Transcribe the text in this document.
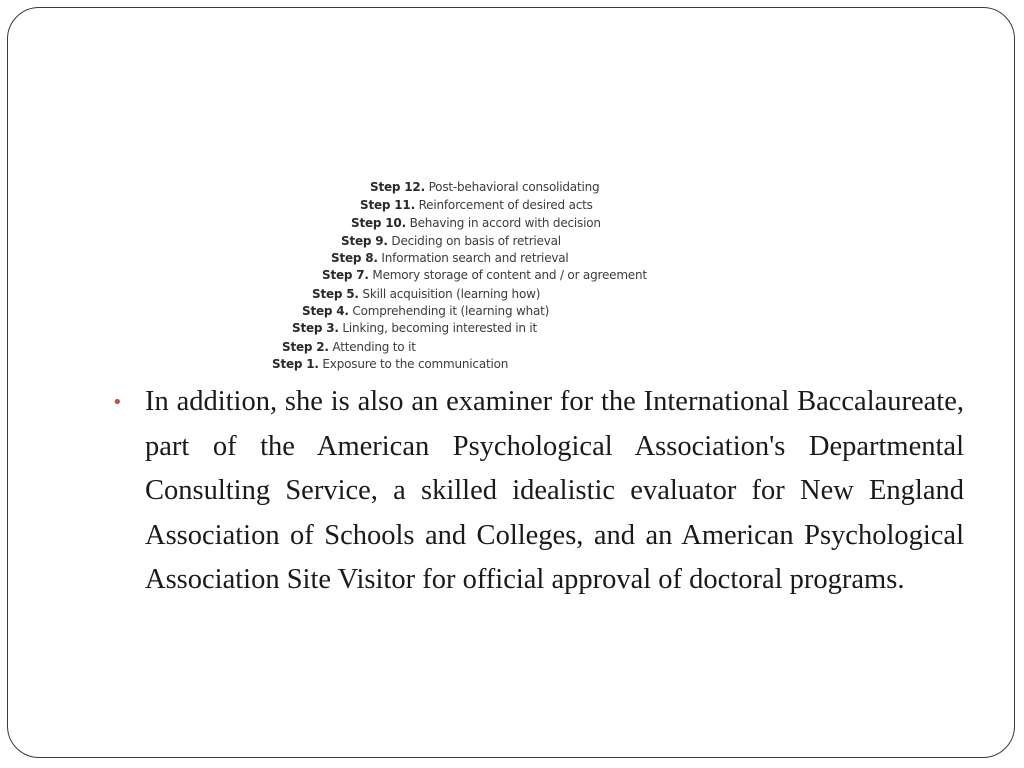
Step 12. Post-behavioral consolidating
Step 11. Reinforcement of desired acts
Step 10. Behaving in accord with decision
Step 9. Deciding on basis of retrieval
Step 8. Information search and retrieval
Step 7. Memory storage of content and / or agreement
Step 5. Skill acquisition (learning how)
Step 4. Comprehending it (learning what)
Step 3. Linking, becoming interested in it
Step 2. Attending to it
Step 1. Exposure to the communication
• In addition, she is also an examiner for the International Baccalaureate, part of the American Psychological Association's Departmental Consulting Service, a skilled idealistic evaluator for New England Association of Schools and Colleges, and an American Psychological Association Site Visitor for official approval of doctoral programs.
